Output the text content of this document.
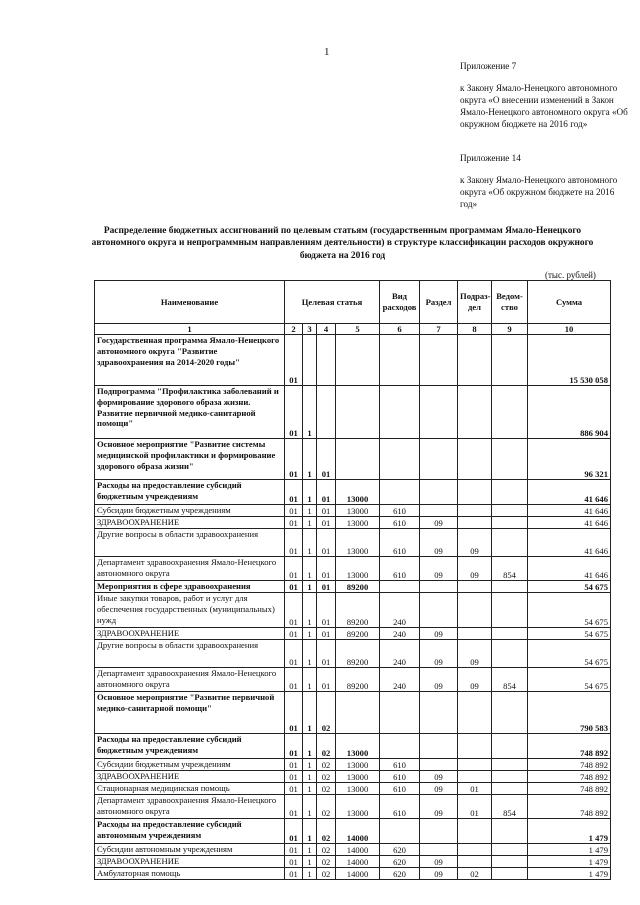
1
Приложение 7
к Закону Ямало-Ненецкого автономного округа «О внесении изменений в Закон Ямало-Ненецкого автономного округа «Об окружном бюджете на 2016 год»
Приложение 14
к Закону Ямало-Ненецкого автономного округа «Об окружном бюджете на 2016 год»
Распределение бюджетных ассигнований по целевым статьям (государственным программам Ямало-Ненецкого автономного округа и непрограммным направлениям деятельности) в структуре классификации расходов окружного бюджета на 2016 год
(тыс. рублей)
Наименование	Целевая статья				Вид расходов	Раздел	Подраз-дел	Ведом-ство	Сумма
1	2	3	4	5	6	7	8	9	10
Государственная программа Ямало-Ненецкого автономного округа "Развитие здравоохранения на 2014-2020 годы"	01								15 530 058
Подпрограмма "Профилактика заболеваний и формирование здорового образа жизни. Развитие первичной медико-санитарной помощи"	01	1							886 904
Основное мероприятие "Развитие системы медицинской профилактики и формирование здорового образа жизни"	01	1	01						96 321
Расходы на предоставление субсидий бюджетным учреждениям	01	1	01	13000					41 646
Субсидии бюджетным учреждениям	01	1	01	13000	610				41 646
ЗДРАВООХРАНЕНИЕ	01	1	01	13000	610	09			41 646
Другие вопросы в области здравоохранения	01	1	01	13000	610	09	09		41 646
Департамент здравоохранения Ямало-Ненецкого автономного округа	01	1	01	13000	610	09	09	854	41 646
Мероприятия в сфере здравоохранения	01	1	01	89200					54 675
Иные закупки товаров, работ и услуг для обеспечения государственных (муниципальных) нужд	01	1	01	89200	240				54 675
ЗДРАВООХРАНЕНИЕ	01	1	01	89200	240	09			54 675
Другие вопросы в области здравоохранения	01	1	01	89200	240	09	09		54 675
Департамент здравоохранения Ямало-Ненецкого автономного округа	01	1	01	89200	240	09	09	854	54 675
Основное мероприятие "Развитие первичной медико-санитарной помощи"	01	1	02						790 583
Расходы на предоставление субсидий бюджетным учреждениям	01	1	02	13000					748 892
Субсидии бюджетным учреждениям	01	1	02	13000	610				748 892
ЗДРАВООХРАНЕНИЕ	01	1	02	13000	610	09			748 892
Стационарная медицинская помощь	01	1	02	13000	610	09	01		748 892
Департамент здравоохранения Ямало-Ненецкого автономного округа	01	1	02	13000	610	09	01	854	748 892
Расходы на предоставление субсидий автономным учреждениям	01	1	02	14000					1 479
Субсидии автономным учреждениям	01	1	02	14000	620				1 479
ЗДРАВООХРАНЕНИЕ	01	1	02	14000	620	09			1 479
Амбулаторная помощь	01	1	02	14000	620	09	02		1 479
